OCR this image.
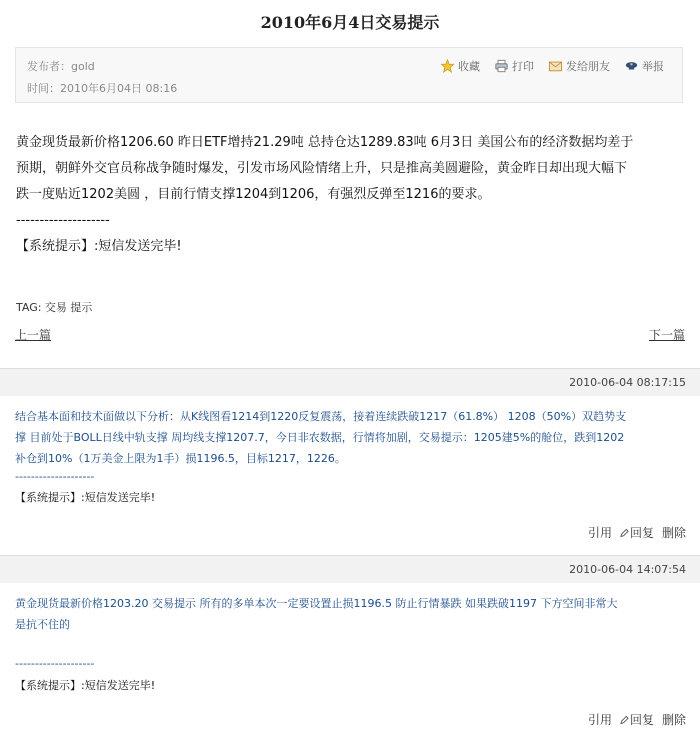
2010年6月4日交易提示
发布者：gold
时间：2010年6月04日 08:16
收藏	打印	发给朋友	举报

黄金现货最新价格1206.60 昨日ETF增持21.29吨 总持仓达1289.83吨 6月3日 美国公布的经济数据均差于

预期，朝鲜外交官员称战争随时爆发，引发市场风险情绪上升，只是推高美圆避险，黄金昨日却出现大幅下

跌一度贴近1202美圆 ，目前行情支撑1204到1206，有强烈反弹至1216的要求。

--------------------

【系统提示】:短信发送完毕!

TAG: 交易 提示
上一篇	下一篇
2010-06-04 08:17:15
结合基本面和技术面做以下分析：从K线图看1214到1220反复震荡，接着连续跌破1217（61.8%） 1208（50%）双趋势支
撑 目前处于BOLL日线中轨支撑 周均线支撑1207.7，今日非农数据，行情将加剧，交易提示：1205建5%的舱位，跌到1202
补仓到10%（1万美金上限为1手）损1196.5，目标1217，1226。
--------------------
【系统提示】:短信发送完毕!
引用	回复 删除
2010-06-04 14:07:54
黄金现货最新价格1203.20 交易提示 所有的多单本次一定要设置止损1196.5 防止行情暴跌 如果跌破1197 下方空间非常大
是抗不住的
--------------------
【系统提示】:短信发送完毕!
引用	回复 删除
